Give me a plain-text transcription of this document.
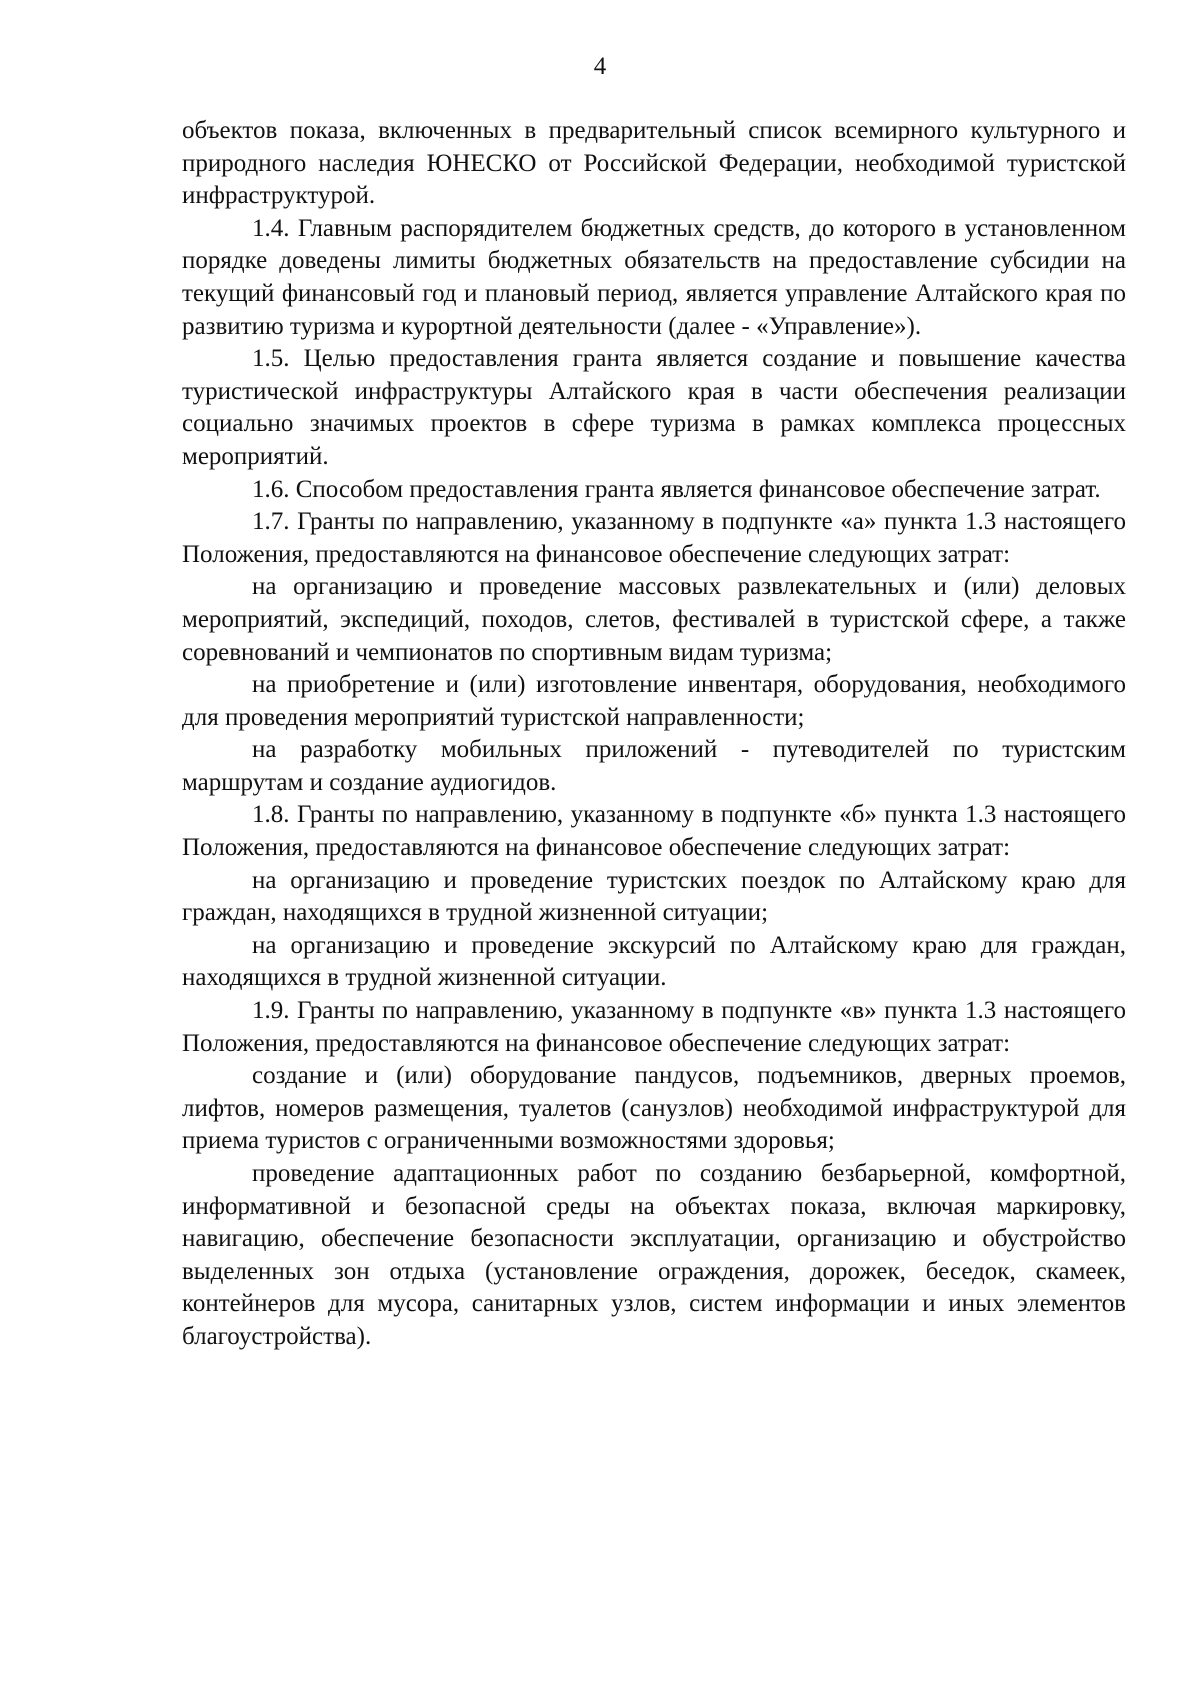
4

объектов показа, включенных в предварительный список всемирного культурного и природного наследия ЮНЕСКО от Российской Федерации, необходимой туристской инфраструктурой.

1.4. Главным распорядителем бюджетных средств, до которого в установленном порядке доведены лимиты бюджетных обязательств на предоставление субсидии на текущий финансовый год и плановый период, является управление Алтайского края по развитию туризма и курортной деятельности (далее - «Управление»).

1.5. Целью предоставления гранта является создание и повышение качества туристической инфраструктуры Алтайского края в части обеспечения реализации социально значимых проектов в сфере туризма в рамках комплекса процессных мероприятий.

1.6. Способом предоставления гранта является финансовое обеспечение затрат.

1.7. Гранты по направлению, указанному в подпункте «а» пункта 1.3 настоящего Положения, предоставляются на финансовое обеспечение следующих затрат:

на организацию и проведение массовых развлекательных и (или) деловых мероприятий, экспедиций, походов, слетов, фестивалей в туристской сфере, а также соревнований и чемпионатов по спортивным видам туризма;

на приобретение и (или) изготовление инвентаря, оборудования, необходимого для проведения мероприятий туристской направленности;

на разработку мобильных приложений - путеводителей по туристским маршрутам и создание аудиогидов.

1.8. Гранты по направлению, указанному в подпункте «б» пункта 1.3 настоящего Положения, предоставляются на финансовое обеспечение следующих затрат:

на организацию и проведение туристских поездок по Алтайскому краю для граждан, находящихся в трудной жизненной ситуации;

на организацию и проведение экскурсий по Алтайскому краю для граждан, находящихся в трудной жизненной ситуации.

1.9. Гранты по направлению, указанному в подпункте «в» пункта 1.3 настоящего Положения, предоставляются на финансовое обеспечение следующих затрат:

создание и (или) оборудование пандусов, подъемников, дверных проемов, лифтов, номеров размещения, туалетов (санузлов) необходимой инфраструктурой для приема туристов с ограниченными возможностями здоровья;

проведение адаптационных работ по созданию безбарьерной, комфортной, информативной и безопасной среды на объектах показа, включая маркировку, навигацию, обеспечение безопасности эксплуатации, организацию и обустройство выделенных зон отдыха (установление ограждения, дорожек, беседок, скамеек, контейнеров для мусора, санитарных узлов, систем информации и иных элементов благоустройства).
